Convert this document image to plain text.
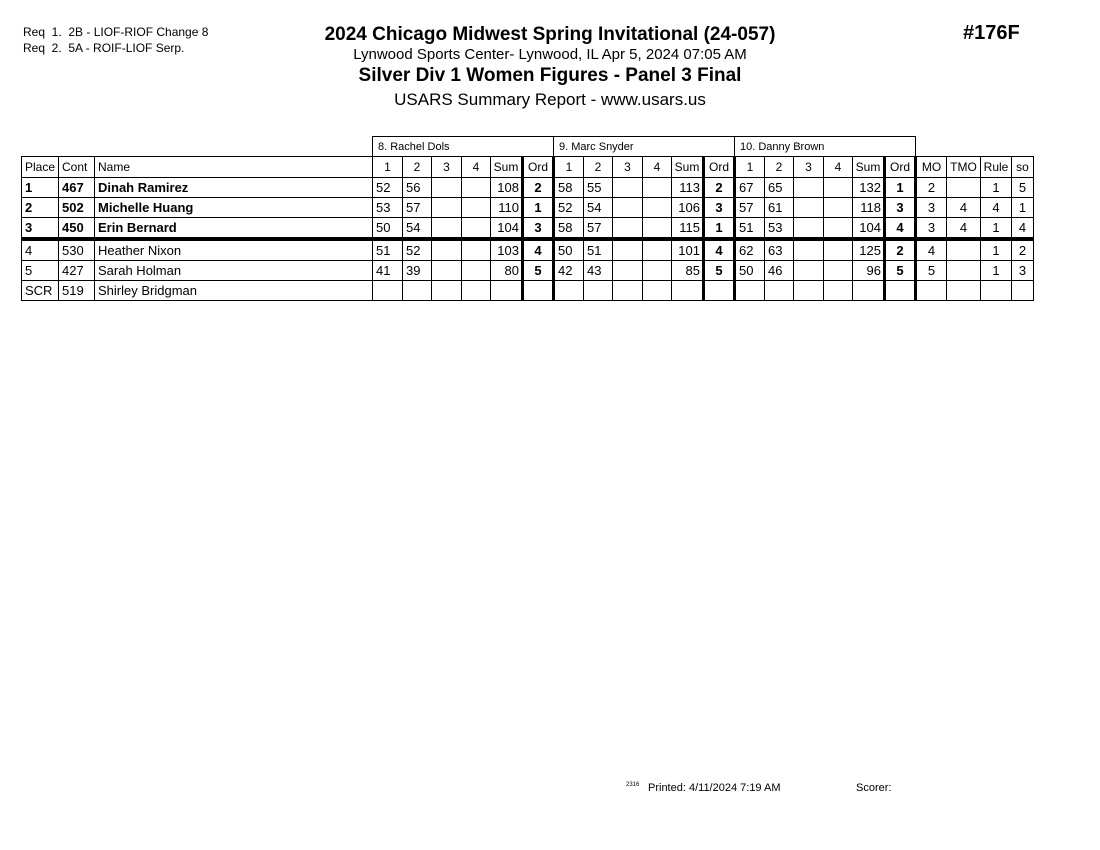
Req  1.  2B - LIOF-RIOF Change 8
Req  2.  5A - ROIF-LIOF Serp.
2024 Chicago Midwest Spring Invitational (24-057)
Lynwood Sports Center- Lynwood, IL Apr 5, 2024 07:05 AM
Silver Div 1 Women Figures - Panel 3 Final
USARS Summary Report - www.usars.us
#176F
			8. Rachel Dols						9. Marc Snyder						10. Danny Brown									
Place	Cont	Name	1	2	3	4	Sum	Ord	1	2	3	4	Sum	Ord	1	2	3	4	Sum	Ord	MO	TMO	Rule	so
1	467	Dinah Ramirez	52	56			108	2	58	55			113	2	67	65			132	1	2		1	5
2	502	Michelle Huang	53	57			110	1	52	54			106	3	57	61			118	3	3	4	4	1
3	450	Erin Bernard	50	54			104	3	58	57			115	1	51	53			104	4	3	4	1	4
4	530	Heather Nixon	51	52			103	4	50	51			101	4	62	63			125	2	4		1	2
5	427	Sarah Holman	41	39			80	5	42	43			85	5	50	46			96	5	5		1	3
SCR	519	Shirley Bridgman																						
2316 Printed: 4/11/2024 7:19 AM	Scorer:
